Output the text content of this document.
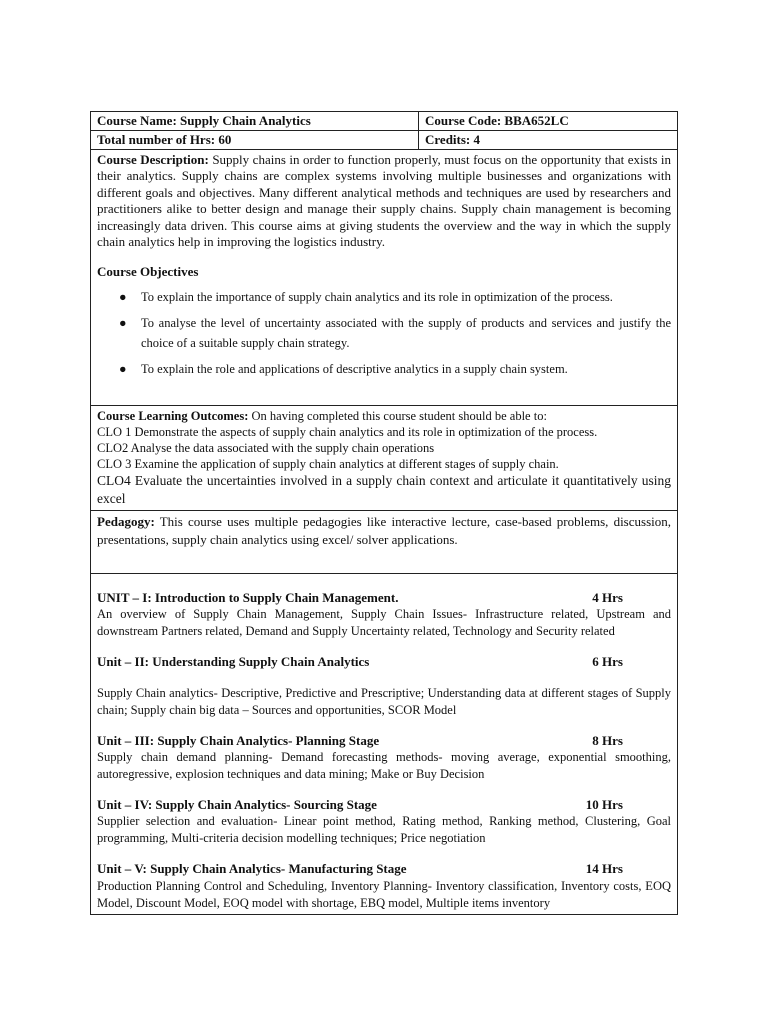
Course Name: Supply Chain Analytics	Course Code: BBA652LC
Total number of Hrs: 60	Credits: 4
Course Description: Supply chains in order to function properly, must focus on the opportunity that exists in their analytics. Supply chains are complex systems involving multiple businesses and organizations with different goals and objectives. Many different analytical methods and techniques are used by researchers and practitioners alike to better design and manage their supply chains. Supply chain management is becoming increasingly data driven. This course aims at giving students the overview and the way in which the supply chain analytics help in improving the logistics industry.
Course Objectives
● To explain the importance of supply chain analytics and its role in optimization of the process.
● To analyse the level of uncertainty associated with the supply of products and services and justify the choice of a suitable supply chain strategy.
● To explain the role and applications of descriptive analytics in a supply chain system.
Course Learning Outcomes: On having completed this course student should be able to:
CLO 1 Demonstrate the aspects of supply chain analytics and its role in optimization of the process.
CLO2 Analyse the data associated with the supply chain operations
CLO 3 Examine the application of supply chain analytics at different stages of supply chain.
CLO4 Evaluate the uncertainties involved in a supply chain context and articulate it quantitatively using excel
Pedagogy: This course uses multiple pedagogies like interactive lecture, case-based problems, discussion, presentations, supply chain analytics using excel/ solver applications.
UNIT – I: Introduction to Supply Chain Management.	4 Hrs
An overview of Supply Chain Management, Supply Chain Issues- Infrastructure related, Upstream and downstream Partners related, Demand and Supply Uncertainty related, Technology and Security related
Unit – II: Understanding Supply Chain Analytics	6 Hrs
Supply Chain analytics- Descriptive, Predictive and Prescriptive; Understanding data at different stages of Supply chain; Supply chain big data – Sources and opportunities, SCOR Model
Unit – III: Supply Chain Analytics- Planning Stage	8 Hrs
Supply chain demand planning- Demand forecasting methods- moving average, exponential smoothing, autoregressive, explosion techniques and data mining; Make or Buy Decision
Unit – IV: Supply Chain Analytics- Sourcing Stage	10 Hrs
Supplier selection and evaluation- Linear point method, Rating method, Ranking method, Clustering, Goal programming, Multi-criteria decision modelling techniques; Price negotiation
Unit – V: Supply Chain Analytics- Manufacturing Stage	14 Hrs
Production Planning Control and Scheduling, Inventory Planning- Inventory classification, Inventory costs, EOQ Model, Discount Model, EOQ model with shortage, EBQ model, Multiple items inventory
